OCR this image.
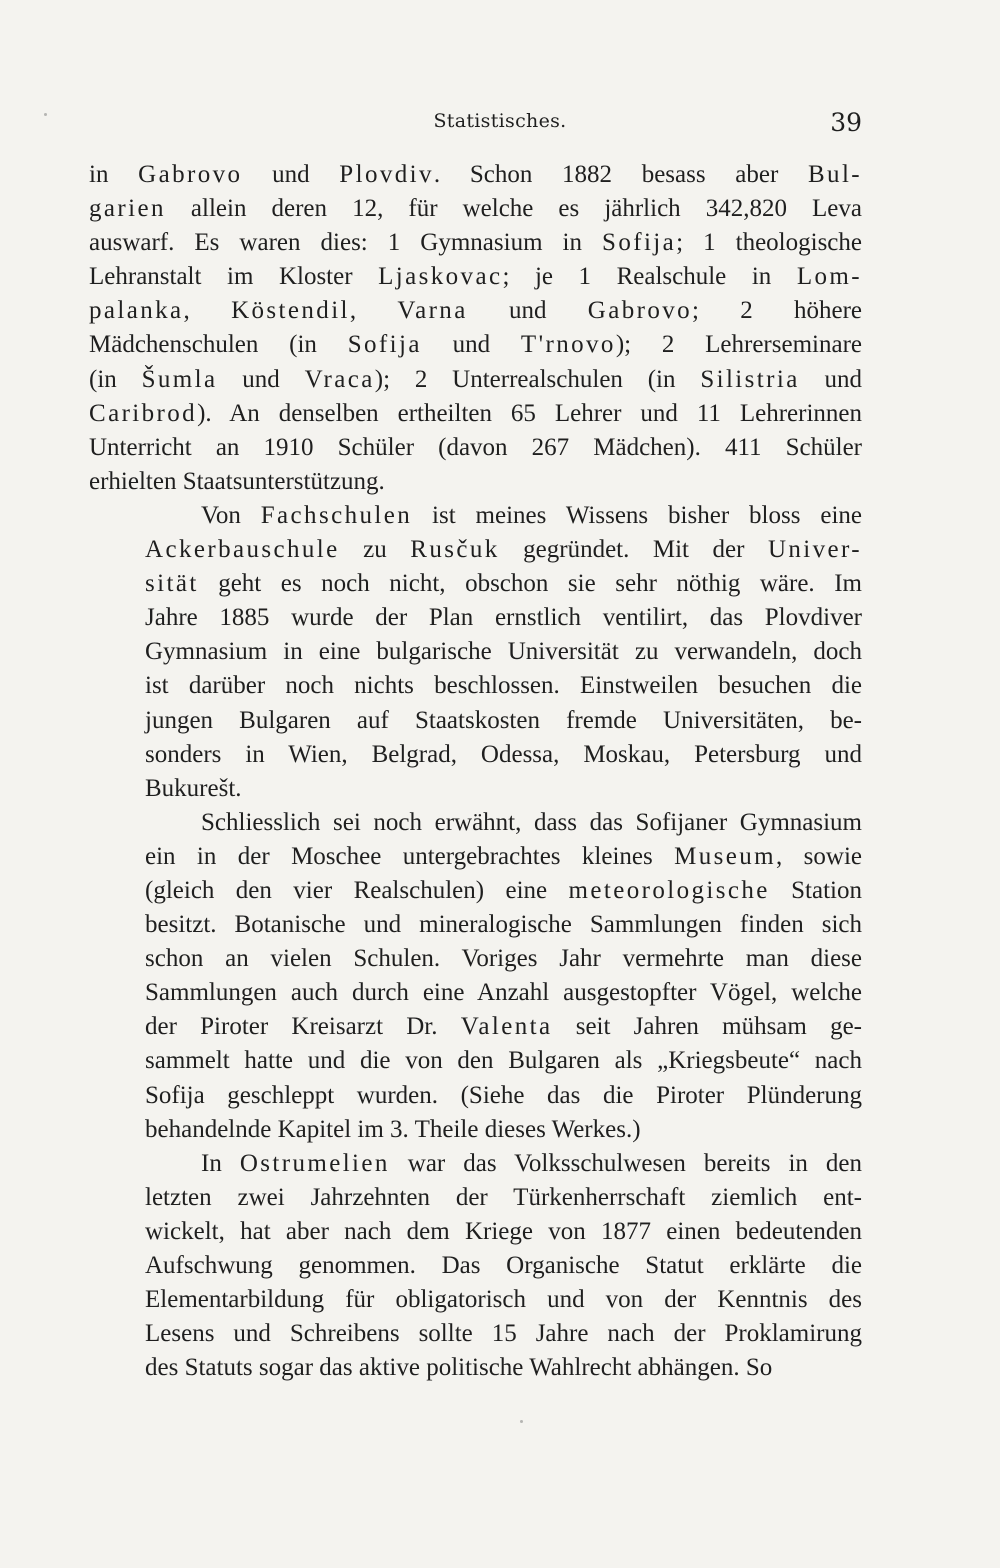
Statistisches.	39
in Gabrovo und Plovdiv. Schon 1882 besass aber Bul-
garien allein deren 12, für welche es jährlich 342,820 Leva
auswarf. Es waren dies: 1 Gymnasium in Sofija; 1 theologische
Lehranstalt im Kloster Ljaskovac; je 1 Realschule in Lom-
palanka, Köstendil, Varna und Gabrovo; 2 höhere
Mädchenschulen (in Sofija und T'rnovo); 2 Lehrerseminare
(in Šumla und Vraca); 2 Unterrealschulen (in Silistria und
Caribrod). An denselben ertheilten 65 Lehrer und 11 Lehrerinnen
Unterricht an 1910 Schüler (davon 267 Mädchen). 411 Schüler
erhielten Staatsunterstützung.
Von Fachschulen ist meines Wissens bisher bloss eine
Ackerbauschule zu Rusčuk gegründet. Mit der Univer-
sität geht es noch nicht, obschon sie sehr nöthig wäre. Im
Jahre 1885 wurde der Plan ernstlich ventilirt, das Plovdiver
Gymnasium in eine bulgarische Universität zu verwandeln, doch
ist darüber noch nichts beschlossen. Einstweilen besuchen die
jungen Bulgaren auf Staatskosten fremde Universitäten, be-
sonders in Wien, Belgrad, Odessa, Moskau, Petersburg und
Bukurešt.
Schliesslich sei noch erwähnt, dass das Sofijaner Gymnasium
ein in der Moschee untergebrachtes kleines Museum, sowie
(gleich den vier Realschulen) eine meteorologische Station
besitzt. Botanische und mineralogische Sammlungen finden sich
schon an vielen Schulen. Voriges Jahr vermehrte man diese
Sammlungen auch durch eine Anzahl ausgestopfter Vögel, welche
der Piroter Kreisarzt Dr. Valenta seit Jahren mühsam ge-
sammelt hatte und die von den Bulgaren als „Kriegsbeute“ nach
Sofija geschleppt wurden. (Siehe das die Piroter Plünderung
behandelnde Kapitel im 3. Theile dieses Werkes.)
In Ostrumelien war das Volksschulwesen bereits in den
letzten zwei Jahrzehnten der Türkenherrschaft ziemlich ent-
wickelt, hat aber nach dem Kriege von 1877 einen bedeutenden
Aufschwung genommen. Das Organische Statut erklärte die
Elementarbildung für obligatorisch und von der Kenntnis des
Lesens und Schreibens sollte 15 Jahre nach der Proklamirung
des Statuts sogar das aktive politische Wahlrecht abhängen. So
